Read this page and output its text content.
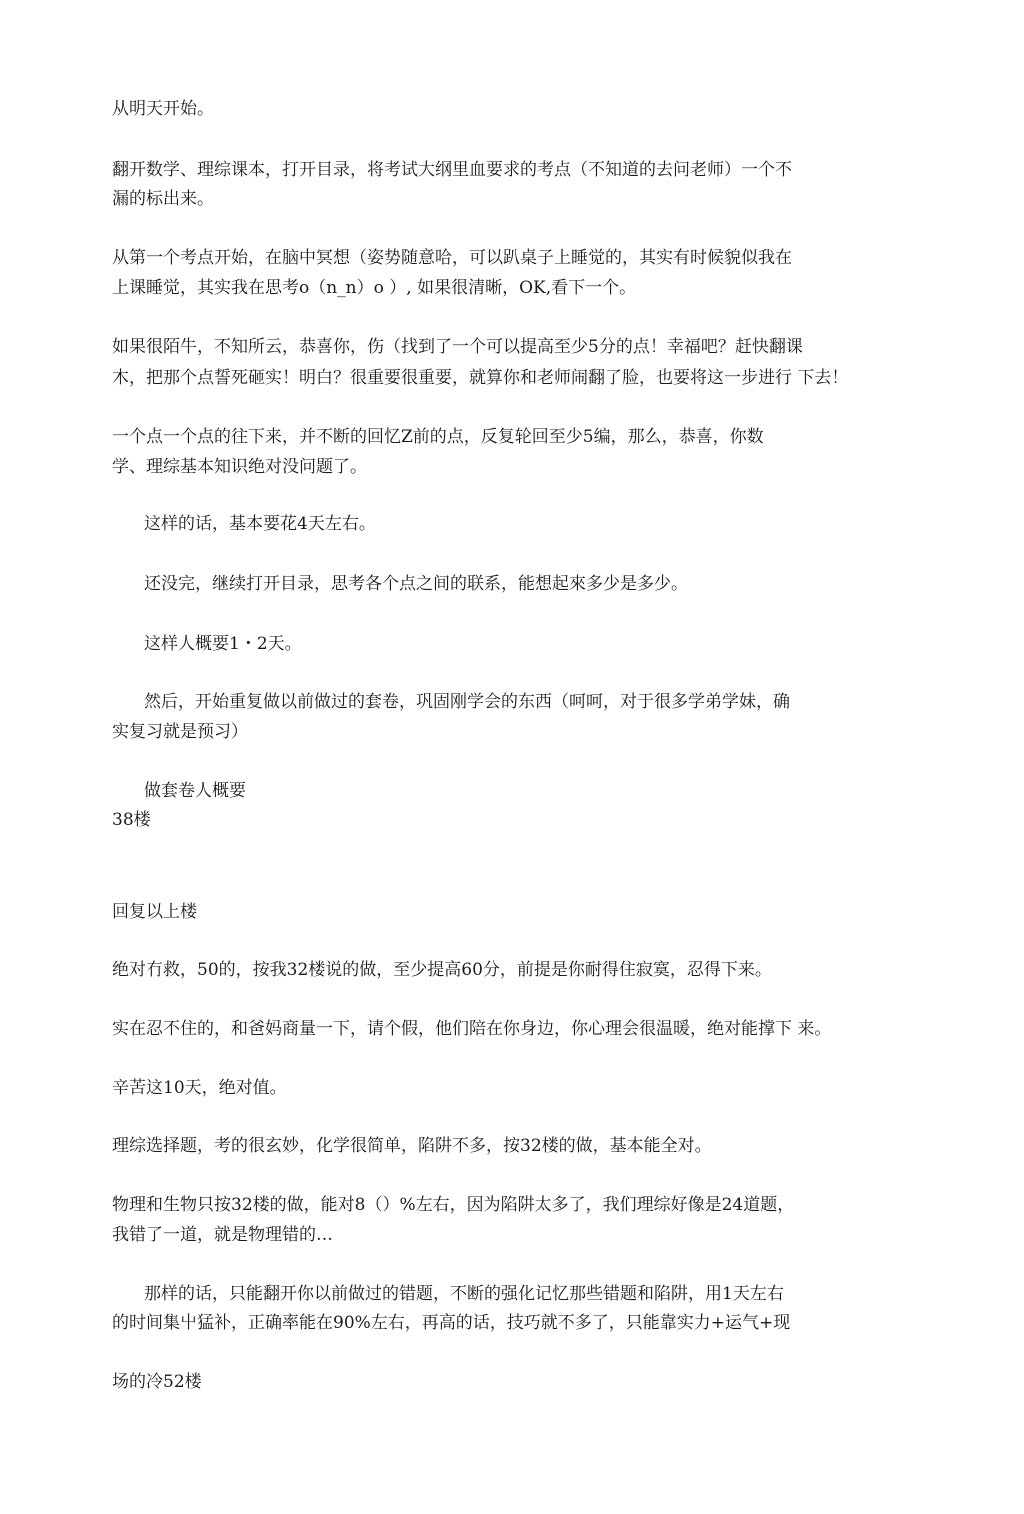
从明天开始。
翻开数学、理综课本，打开目录，将考试大纲里血要求的考点（不知道的去问老师）一个不
漏的标出来。
从第一个考点开始，在脑中冥想（姿势随意哈，可以趴桌子上睡觉的，其实有时候貌似我在
上课睡觉，其实我在思考o（n_n）o ）, 如果很清晰，OK,看下一个。
如果很陌牛，不知所云，恭喜你，伤（找到了一个可以提高至少5分的点！幸福吧？赶快翻课
木，把那个点誓死砸实！明白？很重要很重要，就算你和老师闹翻了脸，也要将这一步进行 下去！
一个点一个点的往下来，并不断的回忆Z前的点，反复轮回至少5编，那么，恭喜，你数
学、理综基本知识绝对没问题了。
这样的话，基本要花4天左右。
还没完，继续打开目录，思考各个点之间的联系，能想起來多少是多少。
这样人概要1・2天。
然后，开始重复做以前做过的套卷，巩固刚学会的东西（呵呵，对于很多学弟学妹，确
实复习就是预习）
做套卷人概要
38楼
回复以上楼
绝对冇救，50的，按我32楼说的做，至少提高60分，前提是你耐得住寂寞，忍得下来。
实在忍不住的，和爸妈商量一下，请个假，他们陪在你身边，你心理会很温暖，绝对能撑下 来。
辛苦这10天，绝对值。
理综选择题，考的很玄妙，化学很简单，陷阱不多，按32楼的做，基本能全对。
物理和生物只按32楼的做，能对8（）%左右，因为陷阱太多了，我们理综好像是24道题，
我错了一道，就是物理错的…
那样的话，只能翻开你以前做过的错题，不断的强化记忆那些错题和陷阱，用1天左右
的时间集屮猛补，正确率能在90%左右，再高的话，技巧就不多了，只能靠实力+运气+现
场的冷52楼
